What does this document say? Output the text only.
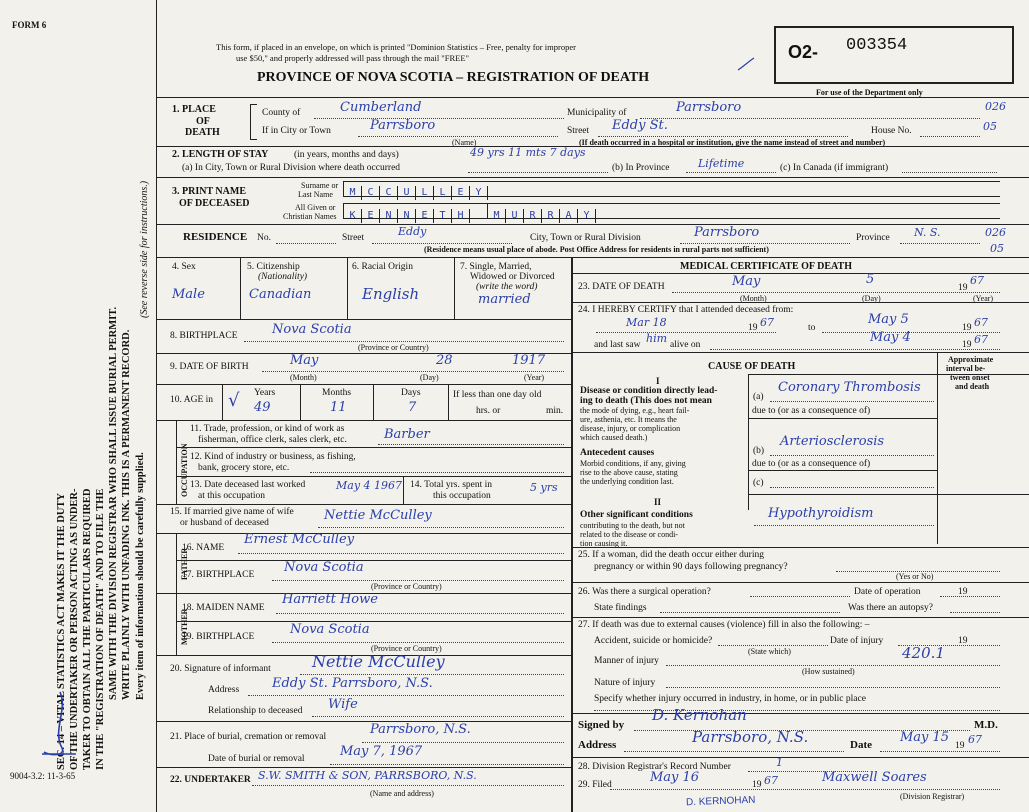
FORM 6
SEC. 14 – VITAL STATISTICS ACT MAKES IT THE DUTY OF THE UNDERTAKER OR PERSON ACTING AS UNDER- TAKER TO OBTAIN ALL THE PARTICULARS REQUIRED IN THE "REGISTRATION OF DEATH" AND TO FILE THE SAME WITH THE DIVISION REGISTRAR WHO SHALL ISSUE BURIAL PERMIT. WRITE PLAINLY WITH UNFADING INK. THIS IS A PERMANENT RECORD. Every item of information should be carefully supplied.
(See reverse side for instructions.)
9004-3.2: 11-3-65
This form, if placed in an envelope, on which is printed "Dominion Statistics – Free, penalty for improper
use $50," and properly addressed will pass through the mail "FREE"
PROVINCE OF NOVA SCOTIA – REGISTRATION OF DEATH
O2- 003354
For use of the Department only
1. PLACE
OF
DEATH
County of	Cumberland	Municipality of	Parrsboro	026
If in City or Town	Parrsboro
(Name)
Street Eddy St.	House No.	05
(If death occurred in a hospital or institution, give the name instead of street and number)
2. LENGTH OF STAY	(in years, months and days)
(a) In City, Town or Rural Division where death occurred
49 yrs 11 mts 7 days
(b) In Province	Lifetime	(c) In Canada (if immigrant)
3. PRINT NAME
OF DECEASED
Surname or
Last Name
All Given or
Christian Names
M C C U L L E Y
K E N N E T H	M U R R A Y
RESIDENCE No.	Street	Eddy	City, Town or Rural Division	Parrsboro	Province N. S.	026
05
(Residence means usual place of abode. Post Office Address for residents in rural parts not sufficient)
4. Sex
Male
5. Citizenship
(Nationality)
Canadian
6. Racial Origin
English
7. Single, Married,
Widowed or Divorced
(write the word)
married
8. BIRTHPLACE	Nova Scotia
(Province or Country)
9. DATE OF BIRTH	May	28	1917
(Month)	(Day)	(Year)
10. AGE in
Years	Months	Days
49	11	7
√	If less than one day old
hrs. or	min.
OCCUPATION
11. Trade, profession, or kind of work as
fisherman, office clerk, sales clerk, etc.	Barber
12. Kind of industry or business, as fishing,
bank, grocery store, etc.
13. Date deceased last worked
at this occupation
May 4 1967 14. Total yrs. spent in
this occupation
5 yrs
15. If married give name of wife
or husband of deceased	Nettie McCulley
FATHER
16. NAME
Ernest McCulley
17. BIRTHPLACE Nova Scotia
(Province or Country)
MOTHER
18. MAIDEN NAME
Harriett Howe
19. BIRTHPLACE	Nova Scotia
(Province or Country)
20. Signature of informant	Nettie McCulley
Address	Eddy St. Parrsboro, N.S.
Relationship to deceased Wife
21. Place of burial, cremation or removal	Parrsboro, N.S.
Date of burial or removal	May 7, 1967
22. UNDERTAKER S.W. SMITH & SON, PARRSBORO, N.S.
(Name and address)
MEDICAL CERTIFICATE OF DEATH
23. DATE OF DEATH	May	5
19
67
(Month)	(Day)	(Year)
24. I HEREBY CERTIFY that I attended deceased from:
Mar 18	19 67	to
May 5
19 67
and last saw him alive on	May 4	19 67
CAUSE OF DEATH
Approximate
interval be-
tween onset
and death
I
Disease or condition directly lead-
ing to death (This does not mean
the mode of dying, e.g., heart fail-
ure, asthenia, etc. It means the
disease, injury, or complication
which caused death.)
(a)
Coronary Thrombosis
due to (or as a consequence of)
Antecedent causes
Morbid conditions, if any, giving
rise to the above cause, stating
the underlying condition last.
(b)
Arteriosclerosis
due to (or as a consequence of)
(c)
II
Other significant conditions
contributing to the death, but not
related to the disease or condi-
tion causing it.
Hypothyroidism
25. If a woman, did the death occur either during
pregnancy or within 90 days following pregnancy?
(Yes or No)
26. Was there a surgical operation?	Date of operation	19
State findings	Was there an autopsy?
27. If death was due to external causes (violence) fill in also the following: –
Accident, suicide or homicide?	Date of injury	19
(State which)
Manner of injury	420.1
(How sustained)
Nature of injury
Specify whether injury occurred in industry, in home, or in public place
Signed by
D. Kernohan
M.D.
Address	Parrsboro, N.S.	Date May 15
19 67
28. Division Registrar's Record Number	1
29. Filed	May 16	19 67	Maxwell Soares
(Division Registrar)
D. KERNOHAN
